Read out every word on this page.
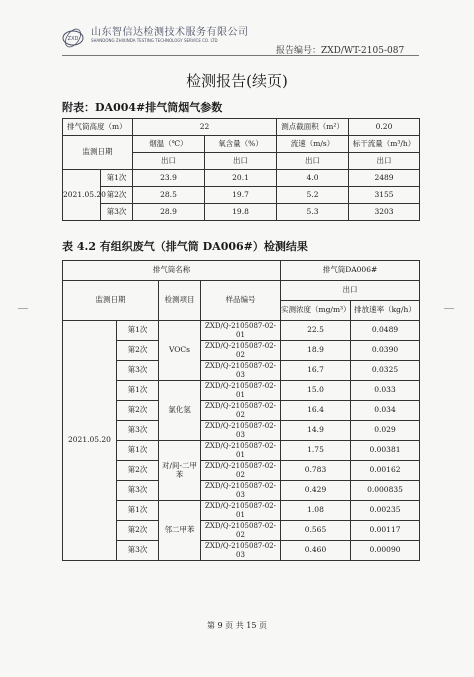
ZXD
山东智信达检测技术服务有限公司
SHANDONG ZHIXINDA TESTING TECHNOLOGY SERVICE CO. LTD
报告编号：ZXD/WT-2105-087
检测报告(续页)
附表：DA004#排气筒烟气参数
排气筒高度（m）		22		测点截面积（m²）	0.20
监测日期		烟温（℃）	氧含量（%）	流速（m/s）	标干流量（m³/h）
		出口	出口	出口	出口
2021.05.20	第1次	23.9	20.1	4.0	2489
	第2次	28.5	19.7	5.2	3155
	第3次	28.9	19.8	5.3	3203
表 4.2 有组织废气（排气筒 DA006#）检测结果
排气筒名称				排气筒DA006#	
监测日期		检测项目	样品编号	出口	
				实测浓度（mg/m³）	排放速率（kg/h）
2021.05.20	第1次	VOCs	ZXD/Q-2105087-02-01	22.5	0.0489
	第2次		ZXD/Q-2105087-02-02	18.9	0.0390
	第3次		ZXD/Q-2105087-02-03	16.7	0.0325
	第1次	氯化氢	ZXD/Q-2105087-02-01	15.0	0.033
	第2次		ZXD/Q-2105087-02-02	16.4	0.034
	第3次		ZXD/Q-2105087-02-03	14.9	0.029
	第1次	对/间-二甲苯	ZXD/Q-2105087-02-01	1.75	0.00381
	第2次		ZXD/Q-2105087-02-02	0.783	0.00162
	第3次		ZXD/Q-2105087-02-03	0.429	0.000835
	第1次	邻二甲苯	ZXD/Q-2105087-02-01	1.08	0.00235
	第2次		ZXD/Q-2105087-02-02	0.565	0.00117
	第3次		ZXD/Q-2105087-02-03	0.460	0.00090
第 9 页 共 15 页
